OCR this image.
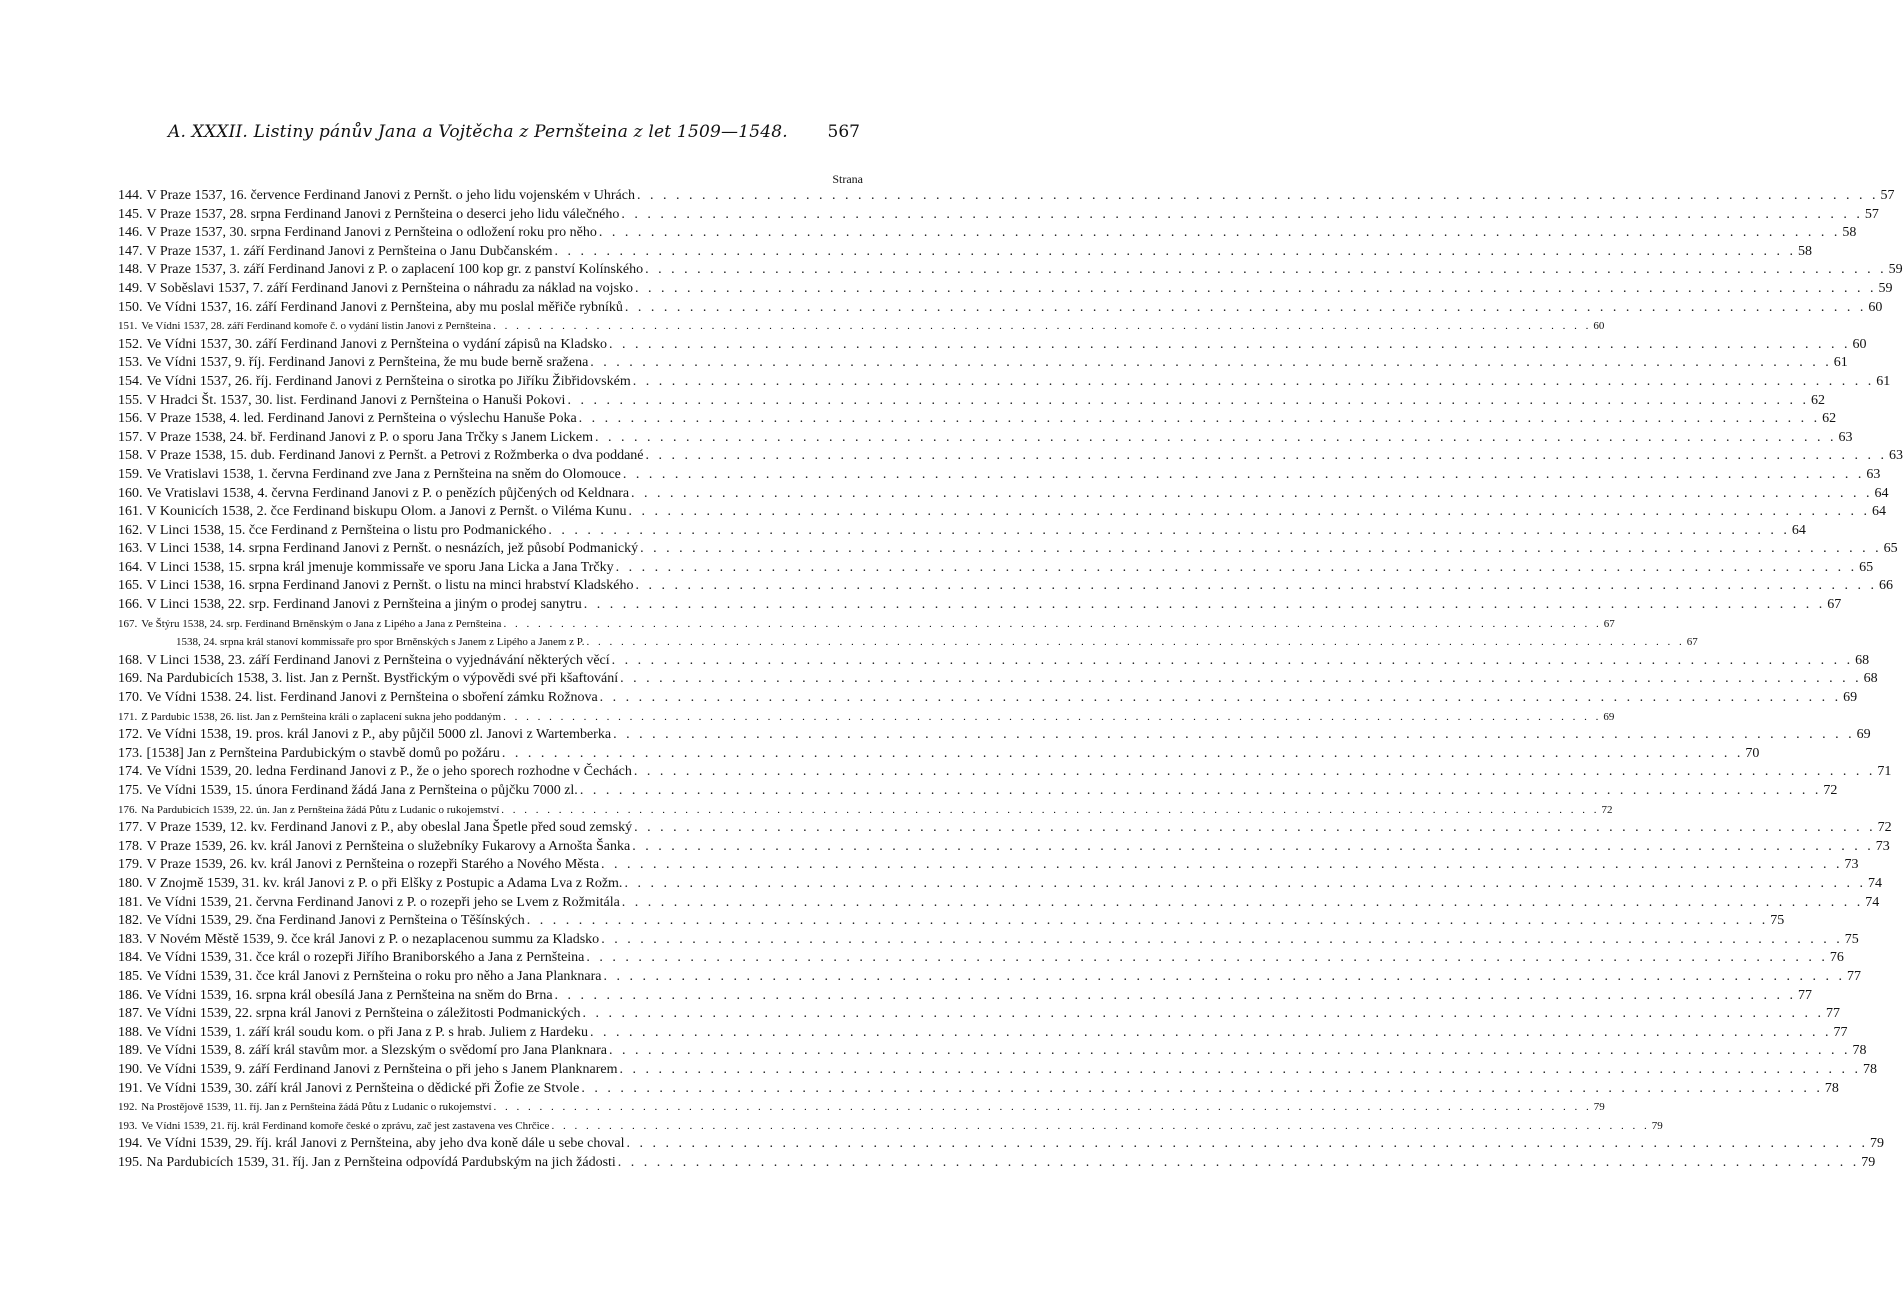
A. XXXII. Listiny pánův Jana a Vojtěcha z Pernšteina z let 1509—1548. 567
Strana
144. V Praze 1537, 16. července Ferdinand Janovi z Pernšt. o jeho lidu vojenském v Uhrách . . .	57
145. V Praze 1537, 28. srpna Ferdinand Janovi z Pernšteina o deserci jeho lidu válečného . . .	57
146. V Praze 1537, 30. srpna Ferdinand Janovi z Pernšteina o odložení roku pro něho . . .	58
147. V Praze 1537, 1. září Ferdinand Janovi z Pernšteina o Janu Dubčanském . . .	58
148. V Praze 1537, 3. září Ferdinand Janovi z P. o zaplacení 100 kop gr. z panství Kolínského . . .	59
149. V Soběslavi 1537, 7. září Ferdinand Janovi z Pernšteina o náhradu za náklad na vojsko . . .	59
150. Ve Vídni 1537, 16. září Ferdinand Janovi z Pernšteina, aby mu poslal měřiče rybníků . . .	60
151. Ve Vídni 1537, 28. září Ferdinand komoře č. o vydání listin Janovi z Pernšteina . . .	60
152. Ve Vídni 1537, 30. září Ferdinand Janovi z Pernšteina o vydání zápisů na Kladsko . . .	60
153. Ve Vídni 1537, 9. říj. Ferdinand Janovi z Pernšteina, že mu bude berně sražena . . .	61
154. Ve Vídni 1537, 26. říj. Ferdinand Janovi z Pernšteina o sirotka po Jiříku Žibřidovském . . .	61
155. V Hradci Št. 1537, 30. list. Ferdinand Janovi z Pernšteina o Hanuši Pokovi . . .	62
156. V Praze 1538, 4. led. Ferdinand Janovi z Pernšteina o výslechu Hanuše Poka . . .	62
157. V Praze 1538, 24. bř. Ferdinand Janovi z P. o sporu Jana Trčky s Janem Lickem . . .	63
158. V Praze 1538, 15. dub. Ferdinand Janovi z Pernšt. a Petrovi z Rožmberka o dva poddané . . .	63
159. Ve Vratislavi 1538, 1. června Ferdinand zve Jana z Pernšteina na sněm do Olomouce . . .	63
160. Ve Vratislavi 1538, 4. června Ferdinand Janovi z P. o penězích půjčených od Keldnara . . .	64
161. V Kounicích 1538, 2. čce Ferdinand biskupu Olom. a Janovi z Pernšt. o Viléma Kunu . . .	64
162. V Linci 1538, 15. čce Ferdinand z Pernšteina o listu pro Podmanického . . .	64
163. V Linci 1538, 14. srpna Ferdinand Janovi z Pernšt. o nesnázích, jež působí Podmanický . . .	65
164. V Linci 1538, 15. srpna král jmenuje kommissaře ve sporu Jana Licka a Jana Trčky . . .	65
165. V Linci 1538, 16. srpna Ferdinand Janovi z Pernšt. o listu na minci hrabství Kladského . . .	66
166. V Linci 1538, 22. srp. Ferdinand Janovi z Pernšteina a jiným o prodej sanytru . . .	67
167. Ve Štýru 1538, 24. srp. Ferdinand Brněnským o Jana z Lipého a Jana z Pernšteina . . .	67
1538, 24. srpna král stanoví kommissaře pro spor Brněnských s Janem z Lipého a Janem z P. . . .	67
168. V Linci 1538, 23. září Ferdinand Janovi z Pernšteina o vyjednávání některých věcí . . .	68
169. Na Pardubicích 1538, 3. list. Jan z Pernšt. Bystřickým o výpovědi své při kšaftování . . .	68
170. Ve Vídni 1538. 24. list. Ferdinand Janovi z Pernšteina o sboření zámku Rožnova . . .	69
171. Z Pardubic 1538, 26. list. Jan z Pernšteina králi o zaplacení sukna jeho poddaným . . .	69
172. Ve Vídni 1538, 19. pros. král Janovi z P., aby půjčil 5000 zl. Janovi z Wartemberka . . .	69
173. [1538] Jan z Pernšteina Pardubickým o stavbě domů po požáru . . .	70
174. Ve Vídni 1539, 20. ledna Ferdinand Janovi z P., že o jeho sporech rozhodne v Čechách . . .	71
175. Ve Vídni 1539, 15. února Ferdinand žádá Jana z Pernšteina o půjčku 7000 zl. . . .	72
176. Na Pardubicích 1539, 22. ún. Jan z Pernšteina žádá Půtu z Ludanic o rukojemství . . .	72
177. V Praze 1539, 12. kv. Ferdinand Janovi z P., aby obeslal Jana Špetle před soud zemský . . .	72
178. V Praze 1539, 26. kv. král Janovi z Pernšteina o služebníky Fukarovy a Arnošta Šanka . . .	73
179. V Praze 1539, 26. kv. král Janovi z Pernšteina o rozepři Starého a Nového Města . . .	73
180. V Znojmě 1539, 31. kv. král Janovi z P. o při Elšky z Postupic a Adama Lva z Rožm. . . .	74
181. Ve Vídni 1539, 21. června Ferdinand Janovi z P. o rozepři jeho se Lvem z Rožmitála . . .	74
182. Ve Vídni 1539, 29. čna Ferdinand Janovi z Pernšteina o Těšínských . . .	75
183. V Novém Městě 1539, 9. čce král Janovi z P. o nezaplacenou summu za Kladsko . . .	75
184. Ve Vídni 1539, 31. čce král o rozepři Jiřího Braniborského a Jana z Pernšteina . . .	76
185. Ve Vídni 1539, 31. čce král Janovi z Pernšteina o roku pro něho a Jana Planknara . . .	77
186. Ve Vídni 1539, 16. srpna král obesílá Jana z Pernšteina na sněm do Brna . . .	77
187. Ve Vídni 1539, 22. srpna král Janovi z Pernšteina o záležitosti Podmanických . . .	77
188. Ve Vídni 1539, 1. září král soudu kom. o při Jana z P. s hrab. Juliem z Hardeku . . .	77
189. Ve Vídni 1539, 8. září král stavům mor. a Slezským o svědomí pro Jana Planknara . . .	78
190. Ve Vídni 1539, 9. září Ferdinand Janovi z Pernšteina o při jeho s Janem Planknarem . . .	78
191. Ve Vídni 1539, 30. září král Janovi z Pernšteina o dědické při Žofie ze Stvole . . .	78
192. Na Prostějově 1539, 11. říj. Jan z Pernšteina žádá Půtu z Ludanic o rukojemství . . .	79
193. Ve Vídni 1539, 21. říj. král Ferdinand komoře české o zprávu, zač jest zastavena ves Chrčice . . .	79
194. Ve Vídni 1539, 29. říj. král Janovi z Pernšteina, aby jeho dva koně dále u sebe choval . . .	79
195. Na Pardubicích 1539, 31. říj. Jan z Pernšteina odpovídá Pardubským na jich žádosti . . .	79
